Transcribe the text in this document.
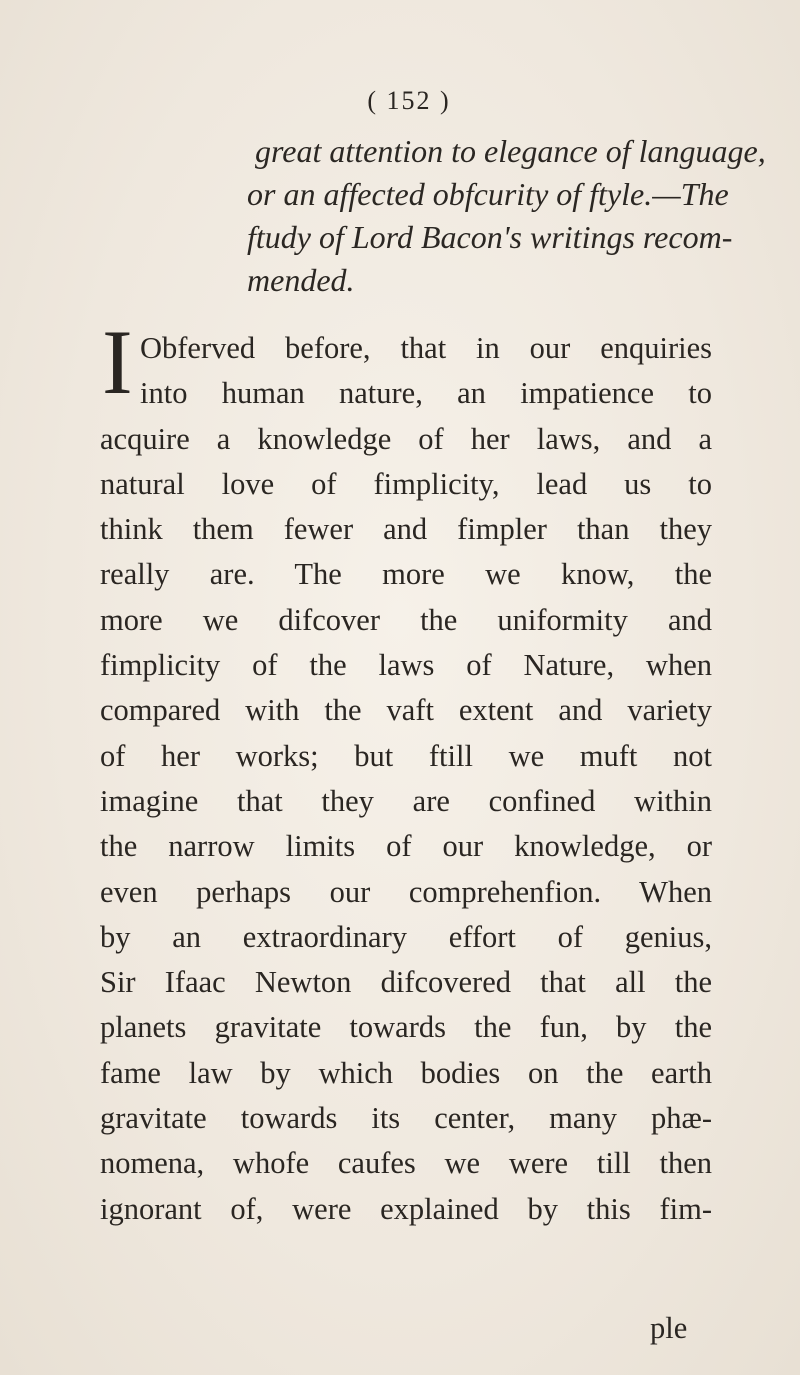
( 152 )
great attention to elegance of language,
or an affected obfcurity of ftyle.—The
ftudy of Lord Bacon's writings recom-
mended.
I Obferved before, that in our enquiries
into human nature, an impatience to
acquire a knowledge of her laws, and a
natural love of fimplicity, lead us to
think them fewer and fimpler than they
really are. The more we know, the
more we difcover the uniformity and
fimplicity of the laws of Nature, when
compared with the vaft extent and variety
of her works; but ftill we muft not
imagine that they are confined within
the narrow limits of our knowledge, or
even perhaps our comprehenfion. When
by an extraordinary effort of genius,
Sir Ifaac Newton difcovered that all the
planets gravitate towards the fun, by the
fame law by which bodies on the earth
gravitate towards its center, many phæ-
nomena, whofe caufes we were till then
ignorant of, were explained by this fim-
ple
